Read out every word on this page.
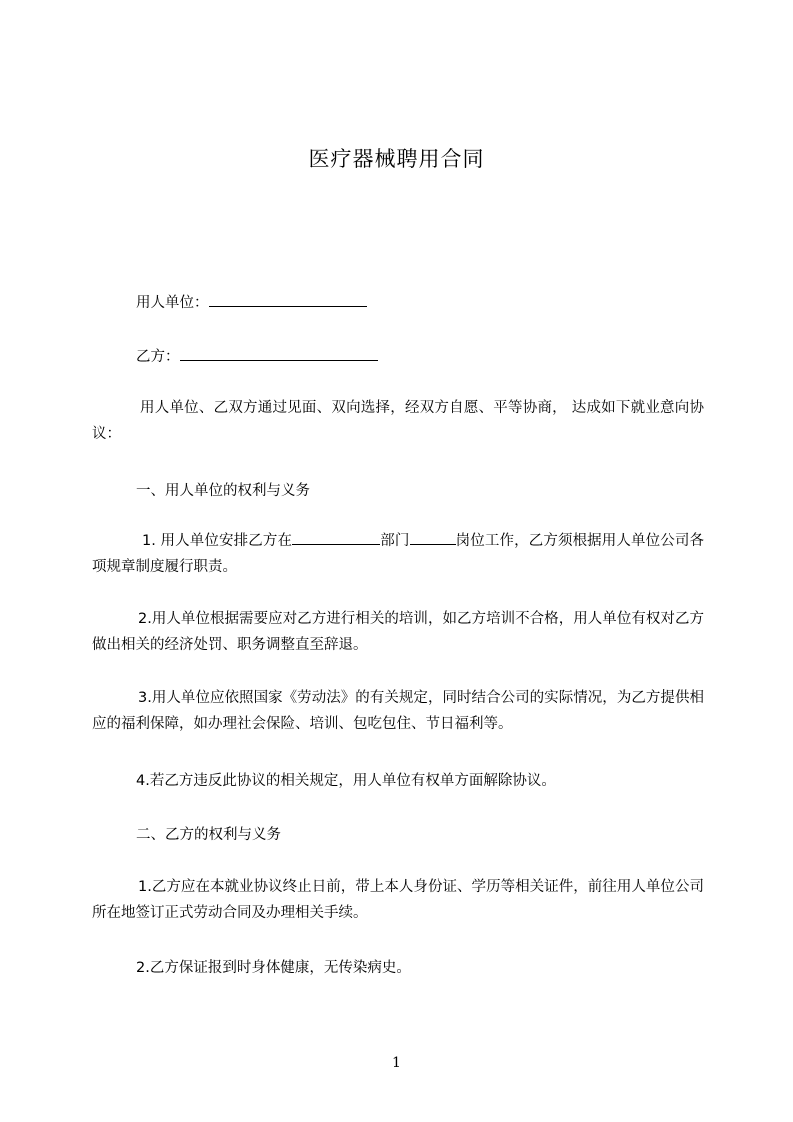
医疗器械聘用合同
用人单位：
乙方：
用人单位、乙双方通过见面、双向选择，经双方自愿、平等协商， 达成如下就业意向协议：
一、用人单位的权利与义务
1. 用人单位安排乙方在	部门	岗位工作，乙方须根据用人单位公司各项规章制度履行职责。
2.用人单位根据需要应对乙方进行相关的培训，如乙方培训不合格，用人单位有权对乙方做出相关的经济处罚、职务调整直至辞退。
3.用人单位应依照国家《劳动法》的有关规定，同时结合公司的实际情况，为乙方提供相应的福利保障，如办理社会保险、培训、包吃包住、节日福利等。
4.若乙方违反此协议的相关规定，用人单位有权单方面解除协议。
二、乙方的权利与义务
1.乙方应在本就业协议终止日前，带上本人身份证、学历等相关证件，前往用人单位公司所在地签订正式劳动合同及办理相关手续。
2.乙方保证报到时身体健康，无传染病史。
1
